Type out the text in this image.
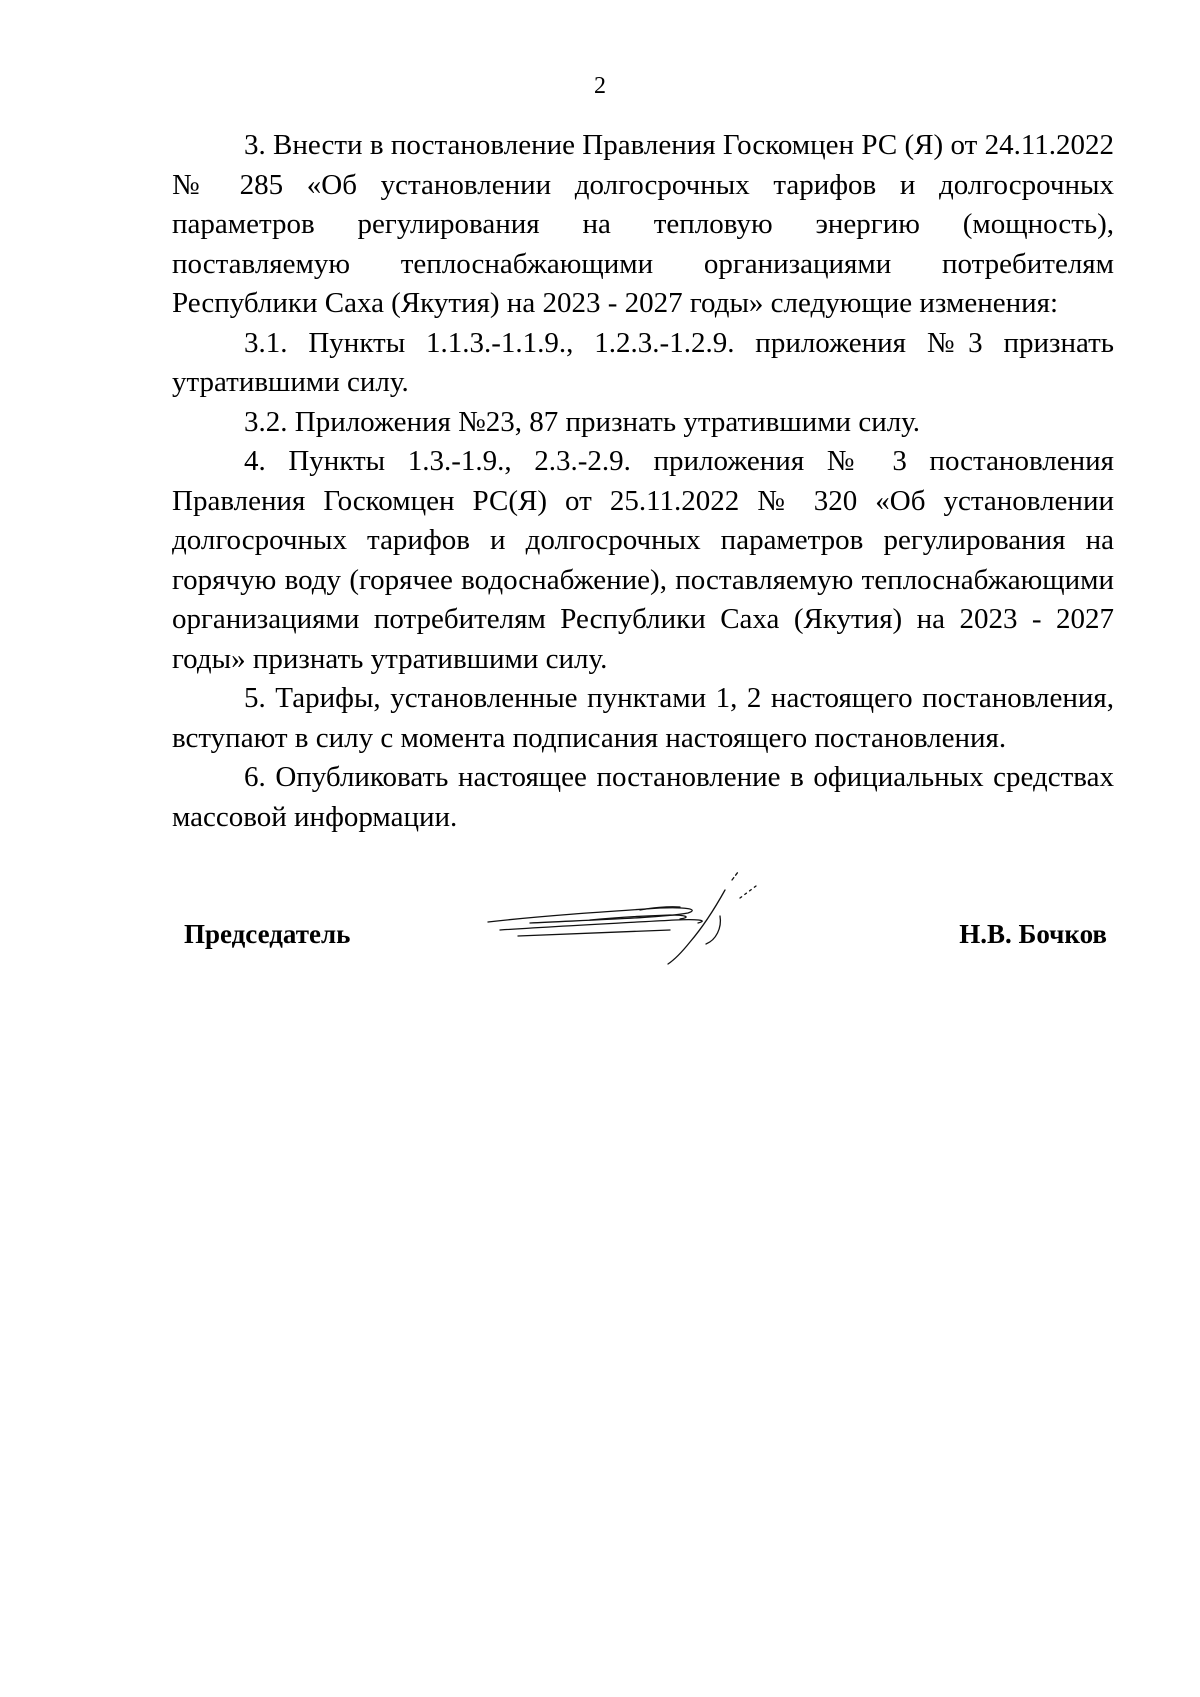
2

3. Внести в постановление Правления Госкомцен РС (Я) от 24.11.2022 № 285 «Об установлении долгосрочных тарифов и долгосрочных параметров регулирования на тепловую энергию (мощность), поставляемую теплоснабжающими организациями потребителям Республики Саха (Якутия) на 2023 - 2027 годы» следующие изменения:

3.1. Пункты 1.1.3.-1.1.9., 1.2.3.-1.2.9. приложения №3 признать утратившими силу.

3.2. Приложения №23, 87 признать утратившими силу.

4. Пункты 1.3.-1.9., 2.3.-2.9. приложения № 3 постановления Правления Госкомцен РС(Я) от 25.11.2022 № 320 «Об установлении долгосрочных тарифов и долгосрочных параметров регулирования на горячую воду (горячее водоснабжение), поставляемую теплоснабжающими организациями потребителям Республики Саха (Якутия) на 2023 - 2027 годы» признать утратившими силу.

5. Тарифы, установленные пунктами 1, 2 настоящего постановления, вступают в силу с момента подписания настоящего постановления.

6. Опубликовать настоящее постановление в официальных средствах массовой информации.

Председатель	Н.В. Бочков
